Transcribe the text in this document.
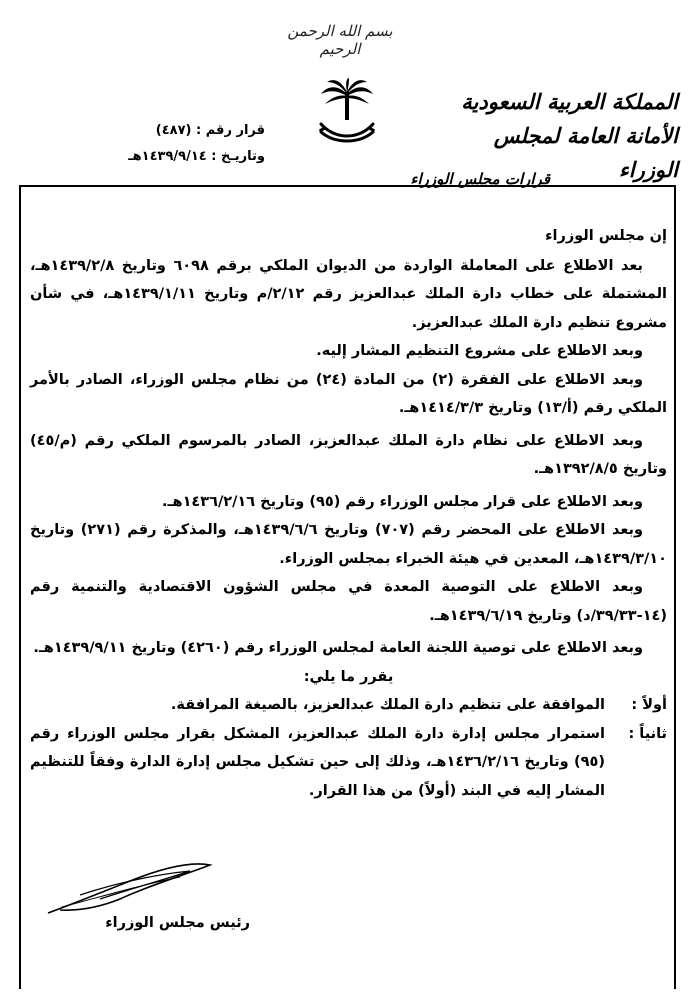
بسم الله الرحمن الرحيم
المملكة العربية السعودية
الأمانة العامة لمجلس الوزراء
قرارات مجلس الوزراء
قرار رقم : (٤٨٧)
وتاريـخ : ١٤٣٩/٩/١٤هـ

إن مجلس الوزراء

بعد الاطلاع على المعاملة الواردة من الديوان الملكي برقم ٦٠٩٨ وتاريخ ١٤٣٩/٢/٨هـ، المشتملة على خطاب دارة الملك عبدالعزيز رقم ٢/١٢/م وتاريخ ١٤٣٩/١/١١هـ، في شأن مشروع تنظيم دارة الملك عبدالعزيز.

وبعد الاطلاع على مشروع التنظيم المشار إليه.

وبعد الاطلاع على الفقرة (٢) من المادة (٢٤) من نظام مجلس الوزراء، الصادر بالأمر الملكي رقم (أ/١٣) وتاريخ ١٤١٤/٣/٣هـ.

وبعد الاطلاع على نظام دارة الملك عبدالعزيز، الصادر بالمرسوم الملكي رقم (م/٤٥) وتاريخ ١٣٩٢/٨/٥هـ.

وبعد الاطلاع على قرار مجلس الوزراء رقم (٩٥) وتاريخ ١٤٣٦/٢/١٦هـ.

وبعد الاطلاع على المحضر رقم (٧٠٧) وتاريخ ١٤٣٩/٦/٦هـ، والمذكرة رقم (٢٧١) وتاريخ ١٤٣٩/٣/١٠هـ، المعدين في هيئة الخبراء بمجلس الوزراء.

وبعد الاطلاع على التوصية المعدة في مجلس الشؤون الاقتصادية والتنمية رقم (١٤-٣٩/٣٣/د) وتاريخ ١٤٣٩/٦/١٩هـ.

وبعد الاطلاع على توصية اللجنة العامة لمجلس الوزراء رقم (٤٢٦٠) وتاريخ ١٤٣٩/٩/١١هـ.

يقرر ما يلي:

أولاً :
الموافقة على تنظيم دارة الملك عبدالعزيز، بالصيغة المرافقة.
ثانياً :
استمرار مجلس إدارة دارة الملك عبدالعزيز، المشكل بقرار مجلس الوزراء رقم (٩٥) وتاريخ ١٤٣٦/٢/١٦هـ، وذلك إلى حين تشكيل مجلس إدارة الدارة وفقاً للتنظيم المشار إليه في البند (أولاً) من هذا القرار.
رئيس مجلس الوزراء
